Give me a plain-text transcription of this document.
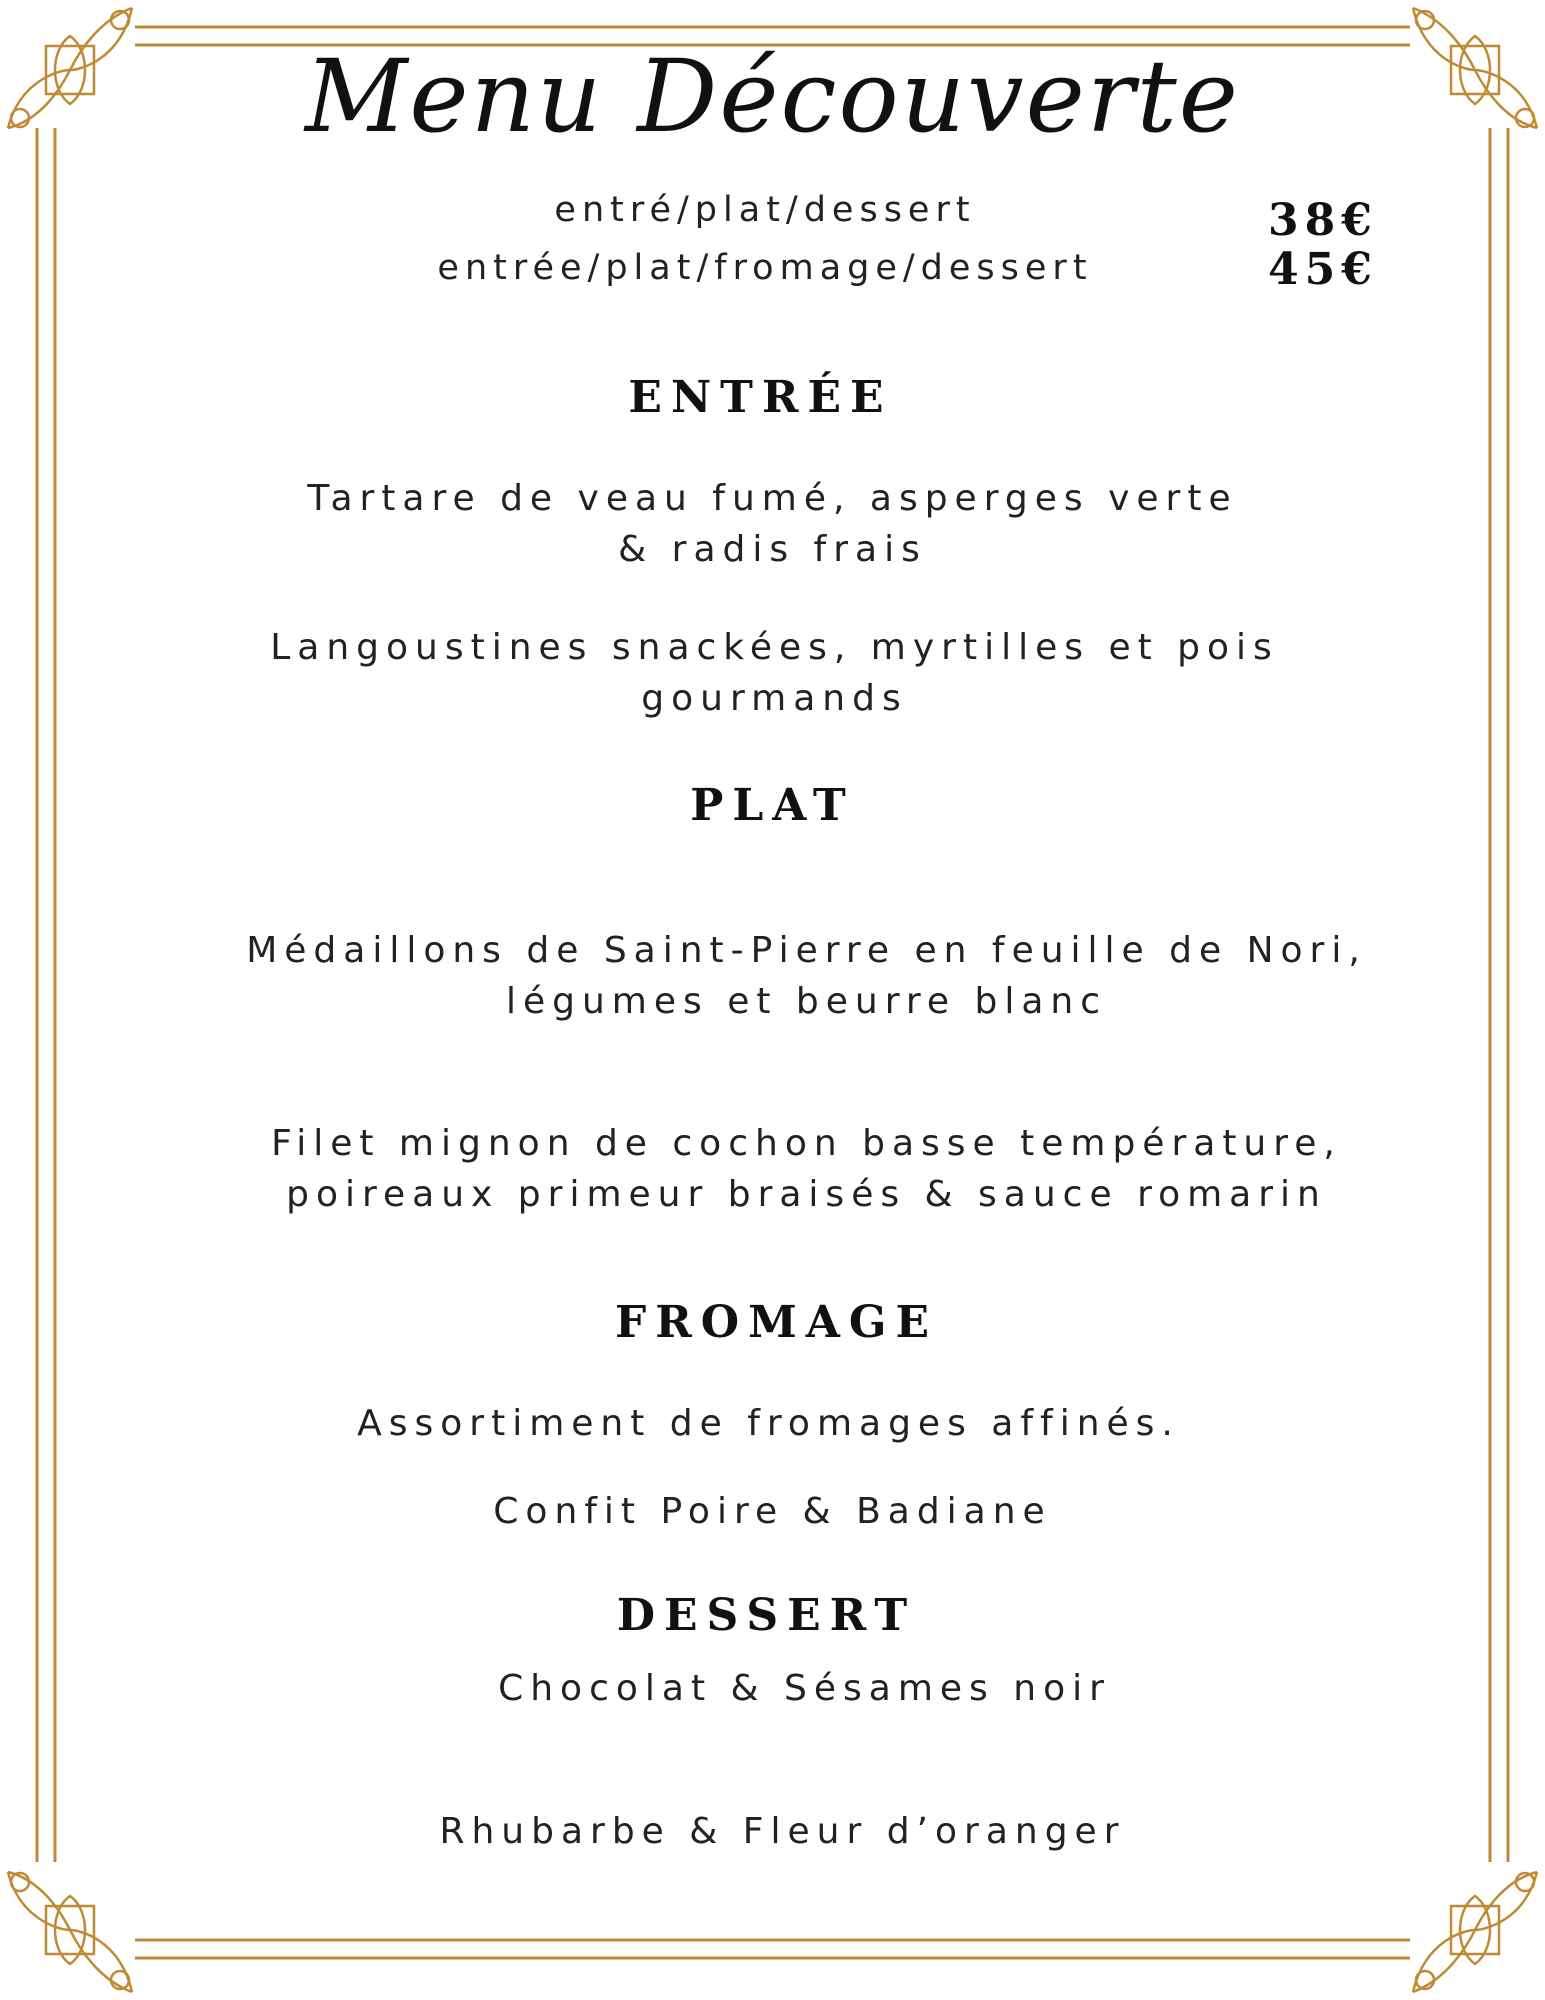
Menu Découverte
entré/plat/dessert
entrée/plat/fromage/dessert
38€
45€
ENTRÉE
Tartare de veau fumé, asperges verte
& radis frais
Langoustines snackées, myrtilles et pois
gourmands
PLAT
Médaillons de Saint-Pierre en feuille de Nori,
légumes et beurre blanc
Filet mignon de cochon basse température,
poireaux primeur braisés & sauce romarin
FROMAGE
Assortiment de fromages affinés.
Confit Poire & Badiane
DESSERT
Chocolat & Sésames noir
Rhubarbe & Fleur d’oranger
